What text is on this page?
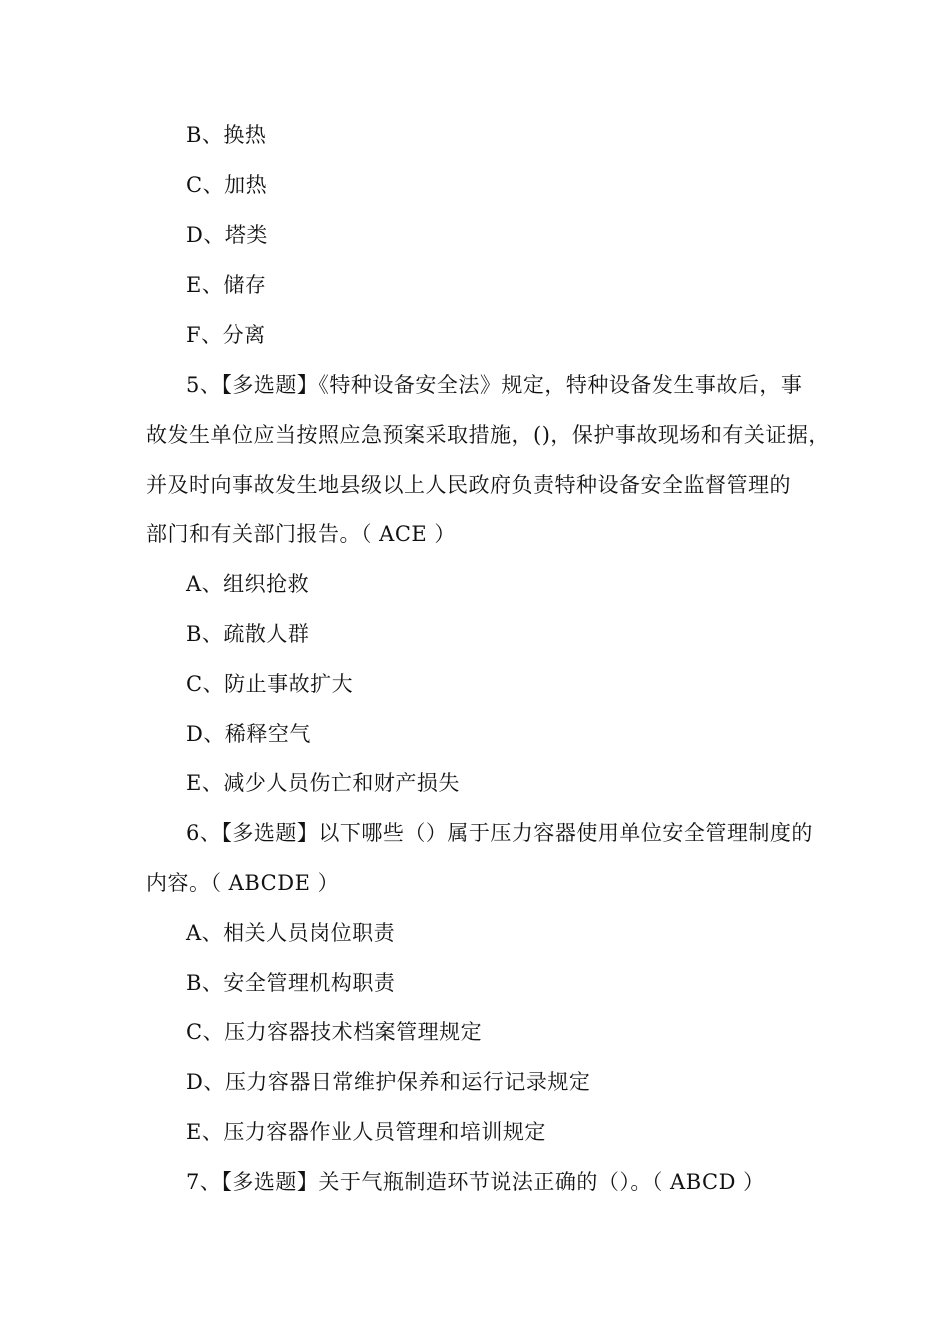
B、换热
C、加热
D、塔类
E、储存
F、分离
5、【多选题】《特种设备安全法》规定，特种设备发生事故后，事
故发生单位应当按照应急预案采取措施，()，保护事故现场和有关证据，
并及时向事故发生地县级以上人民政府负责特种设备安全监督管理的
部门和有关部门报告。（ ACE ）
A、组织抢救
B、疏散人群
C、防止事故扩大
D、稀释空气
E、减少人员伤亡和财产损失
6、【多选题】以下哪些（）属于压力容器使用单位安全管理制度的
内容。（ ABCDE ）
A、相关人员岗位职责
B、安全管理机构职责
C、压力容器技术档案管理规定
D、压力容器日常维护保养和运行记录规定
E、压力容器作业人员管理和培训规定
7、【多选题】关于气瓶制造环节说法正确的（）。（ ABCD ）
